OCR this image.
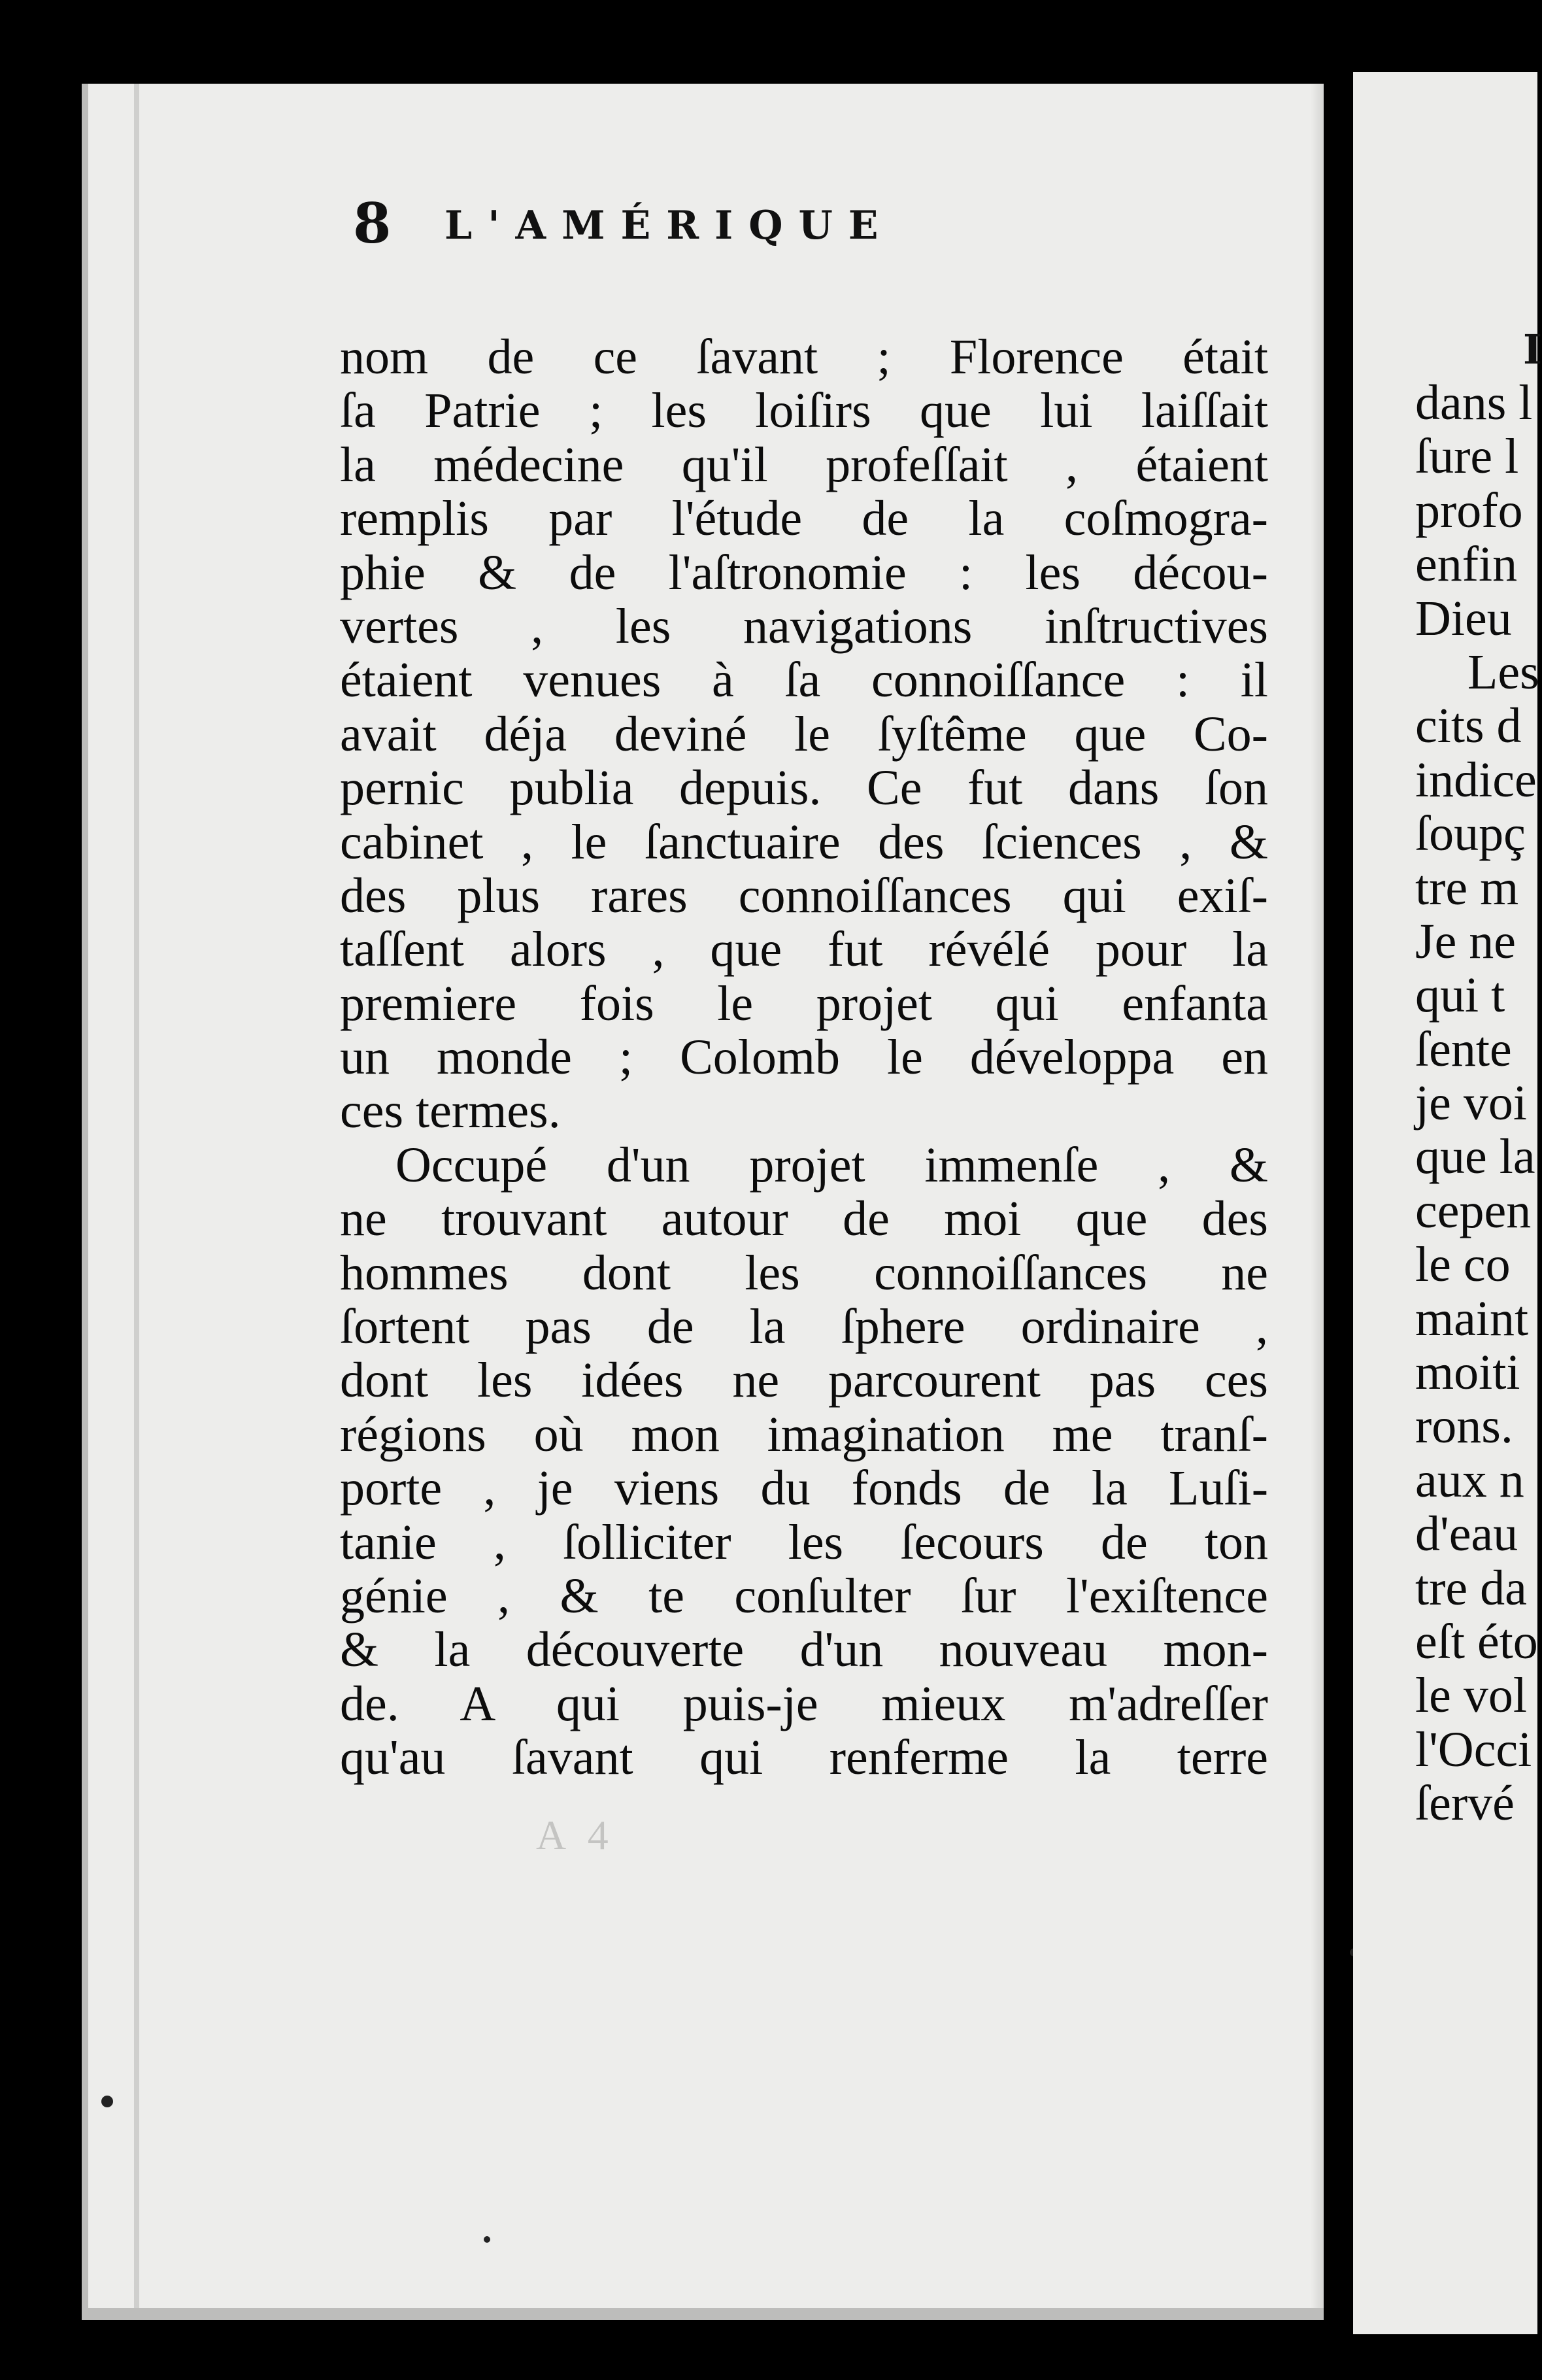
8 L'AMÉRIQUE
nom de ce ſavant ; Florence était
ſa Patrie ; les loiſirs que lui laiſſait
la médecine qu'il profeſſait , étaient
remplis par l'étude de la coſmogra-
phie & de l'aſtronomie : les décou-
vertes , les navigations inſtructives
étaient venues à ſa connoiſſance : il
avait déja deviné le ſyſtême que Co-
pernic publia depuis. Ce fut dans ſon
cabinet , le ſanctuaire des ſciences , &
des plus rares connoiſſances qui exiſ-
taſſent alors , que fut révélé pour la
premiere fois le projet qui enfanta
un monde ; Colomb le développa en
ces termes.
Occupé d'un projet immenſe , &
ne trouvant autour de moi que des
hommes dont les connoiſſances ne
ſortent pas de la ſphere ordinaire ,
dont les idées ne parcourent pas ces
régions où mon imagination me tranſ-
porte , je viens du fonds de la Luſi-
tanie , ſolliciter les ſecours de ton
génie , & te conſulter ſur l'exiſtence
& la découverte d'un nouveau mon-
de. A qui puis-je mieux m'adreſſer
qu'au ſavant qui renferme la terre
A 4
I
dans l
ſure l
profo
enfin
Dieu
Les
cits d
indice
ſoupç
tre m
Je ne
qui t
ſente
je voi
que la
cepen
le co
maint
moiti
rons.
aux n
d'eau
tre da
eſt éto
le vol
l'Occi
ſervé
